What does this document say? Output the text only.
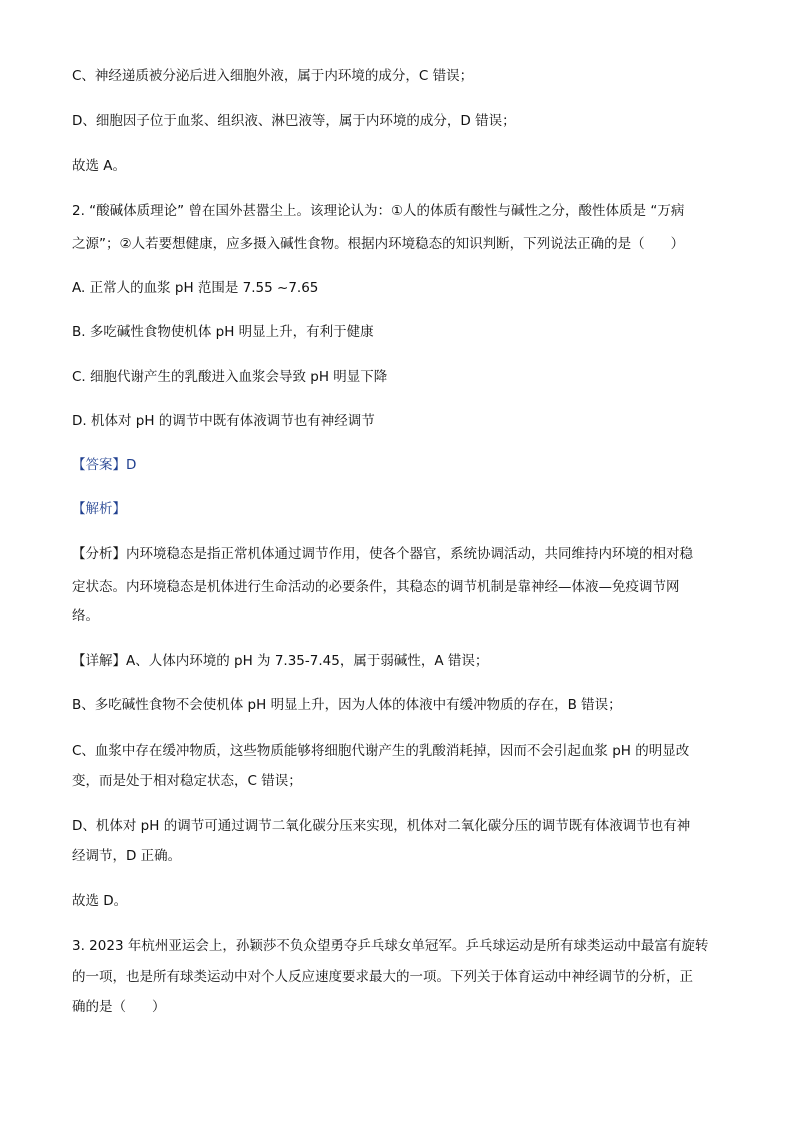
C、神经递质被分泌后进入细胞外液，属于内环境的成分，C 错误；
D、细胞因子位于血浆、组织液、淋巴液等，属于内环境的成分，D 错误；
故选 A。
2. “酸碱体质理论” 曾在国外甚嚣尘上。该理论认为：①人的体质有酸性与碱性之分，酸性体质是 “万病
之源”；②人若要想健康，应多摄入碱性食物。根据内环境稳态的知识判断，下列说法正确的是（ ）
A. 正常人的血浆 pH 范围是 7.55 ~7.65
B. 多吃碱性食物使机体 pH 明显上升，有利于健康
C. 细胞代谢产生的乳酸进入血浆会导致 pH 明显下降
D. 机体对 pH 的调节中既有体液调节也有神经调节
【答案】D
【解析】
【分析】内环境稳态是指正常机体通过调节作用，使各个器官，系统协调活动，共同维持内环境的相对稳
定状态。内环境稳态是机体进行生命活动的必要条件，其稳态的调节机制是靠神经—体液—免疫调节网
络。
【详解】A、人体内环境的 pH 为 7.35-7.45，属于弱碱性，A 错误；
B、多吃碱性食物不会使机体 pH 明显上升，因为人体的体液中有缓冲物质的存在，B 错误；
C、血浆中存在缓冲物质，这些物质能够将细胞代谢产生的乳酸消耗掉，因而不会引起血浆 pH 的明显改
变，而是处于相对稳定状态，C 错误；
D、机体对 pH 的调节可通过调节二氧化碳分压来实现，机体对二氧化碳分压的调节既有体液调节也有神
经调节，D 正确。
故选 D。
3. 2023 年杭州亚运会上，孙颖莎不负众望勇夺乒乓球女单冠军。乒乓球运动是所有球类运动中最富有旋转
的一项，也是所有球类运动中对个人反应速度要求最大的一项。下列关于体育运动中神经调节的分析，正
确的是（ ）
